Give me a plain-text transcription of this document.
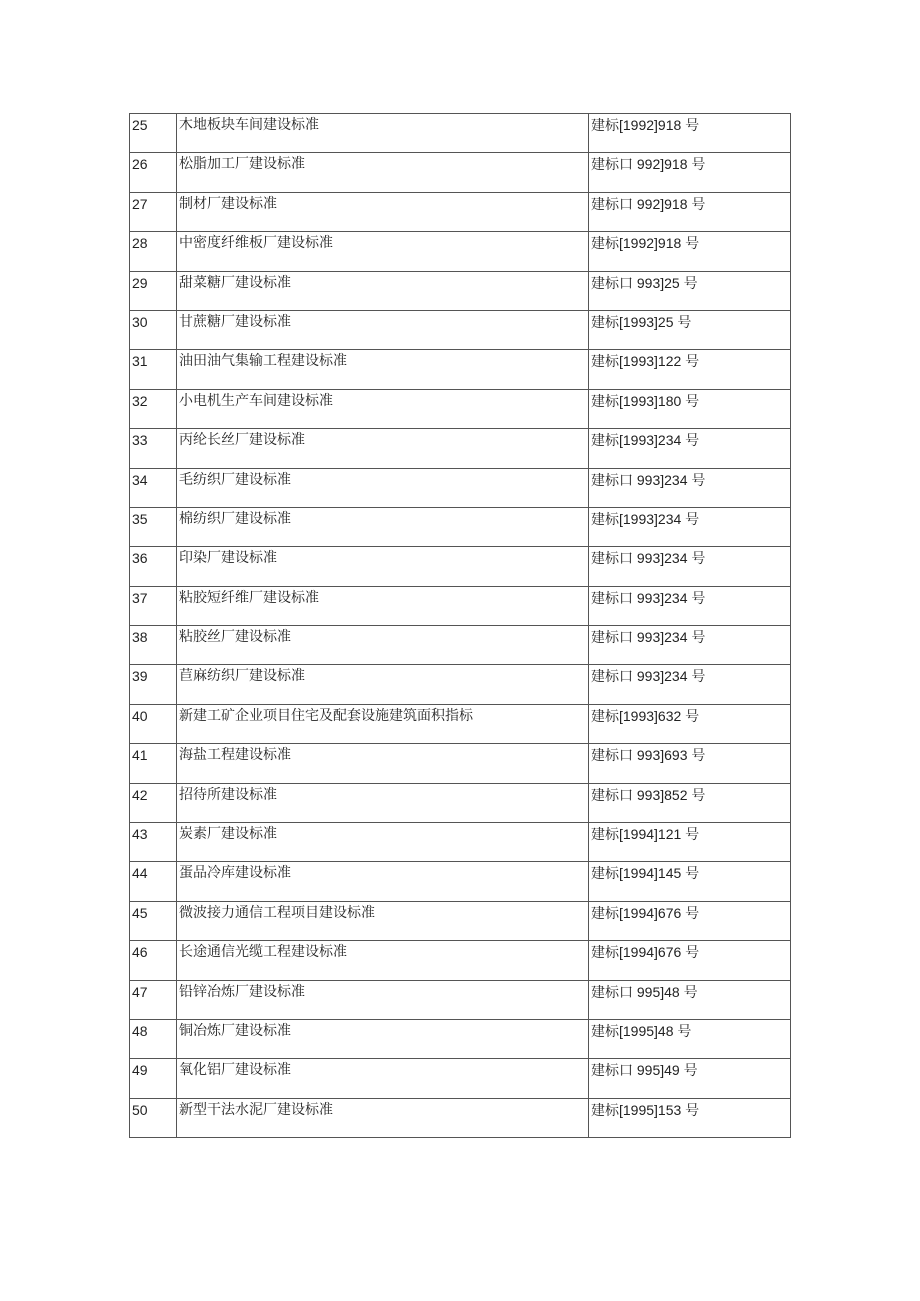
25	木地板块车间建设标准	建标[1992]918 号
26	松脂加工厂建设标准	建标口 992]918 号
27	制材厂建设标准	建标口 992]918 号
28	中密度纤维板厂建设标准	建标[1992]918 号
29	甜菜糖厂建设标准	建标口 993]25 号
30	甘蔗糖厂建设标准	建标[1993]25 号
31	油田油气集输工程建设标准	建标[1993]122 号
32	小电机生产车间建设标准	建标[1993]180 号
33	丙纶长丝厂建设标准	建标[1993]234 号
34	毛纺织厂建设标准	建标口 993]234 号
35	棉纺织厂建设标准	建标[1993]234 号
36	印染厂建设标准	建标口 993]234 号
37	粘胶短纤维厂建设标准	建标口 993]234 号
38	粘胶丝厂建设标准	建标口 993]234 号
39	苣麻纺织厂建设标准	建标口 993]234 号
40	新建工矿企业项目住宅及配套设施建筑面积指标	建标[1993]632 号
41	海盐工程建设标准	建标口 993]693 号
42	招待所建设标准	建标口 993]852 号
43	炭素厂建设标准	建标[1994]121 号
44	蛋品冷库建设标准	建标[1994]145 号
45	微波接力通信工程项目建设标准	建标[1994]676 号
46	长途通信光缆工程建设标准	建标[1994]676 号
47	铅锌冶炼厂建设标准	建标口 995]48 号
48	铜冶炼厂建设标准	建标[1995]48 号
49	氧化铝厂建设标准	建标口 995]49 号
50	新型干法水泥厂建设标准	建标[1995]153 号
